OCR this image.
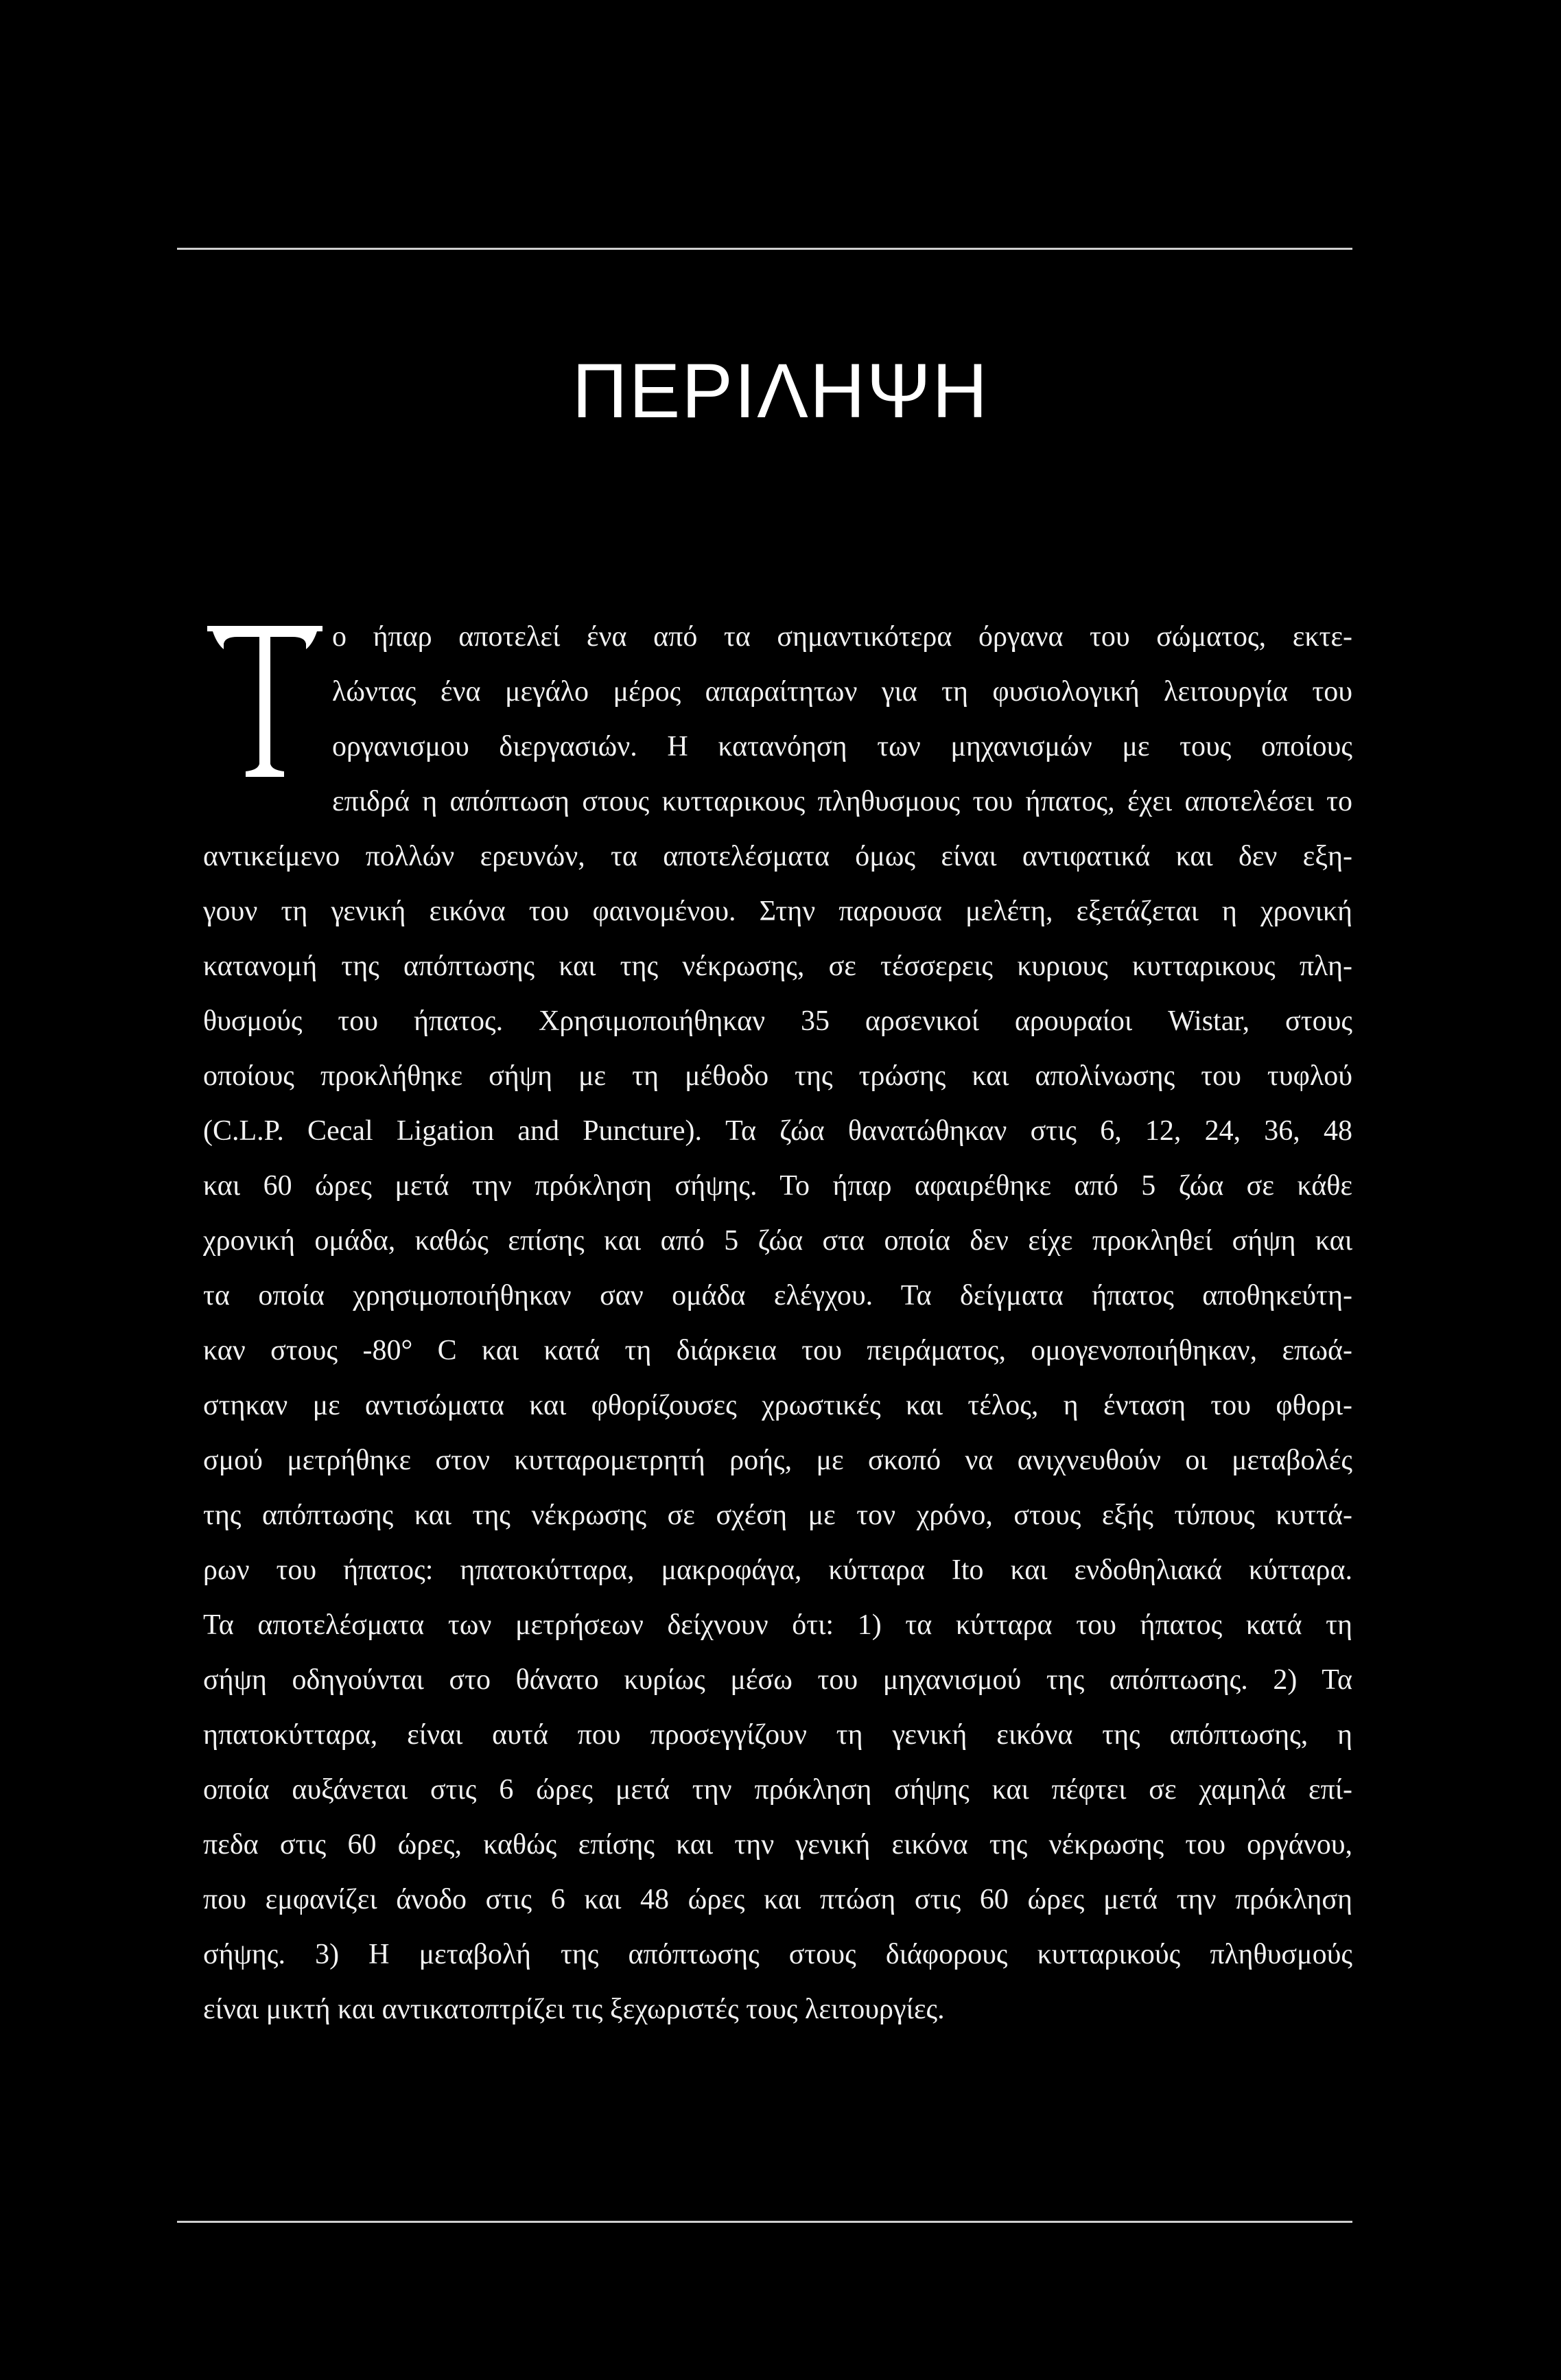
ΠΕΡΙΛΗΨΗ
ο ήπαρ αποτελεί ένα από τα σημαντικότερα όργανα του σώματος, εκτε-
λώντας ένα μεγάλο μέρος απαραίτητων για τη φυσιολογική λειτουργία του
οργανισμου διεργασιών. Η κατανόηση των μηχανισμών με τους οποίους
επιδρά η απόπτωση στους κυτταρικους πληθυσμους του ήπατος, έχει αποτελέσει το
αντικείμενο πολλών ερευνών, τα αποτελέσματα όμως είναι αντιφατικά και δεν εξη-
γουν τη γενική εικόνα του φαινομένου. Στην παρουσα μελέτη, εξετάζεται η χρονική
κατανομή της απόπτωσης και της νέκρωσης, σε τέσσερεις κυριους κυτταρικους πλη-
θυσμούς του ήπατος. Χρησιμοποιήθηκαν 35 αρσενικοί αρουραίοι Wistar, στους
οποίους προκλήθηκε σήψη με τη μέθοδο της τρώσης και απολίνωσης του τυφλού
(C.L.P. Cecal Ligation and Puncture). Τα ζώα θανατώθηκαν στις 6, 12, 24, 36, 48
και 60 ώρες μετά την πρόκληση σήψης. Το ήπαρ αφαιρέθηκε από 5 ζώα σε κάθε
χρονική ομάδα, καθώς επίσης και από 5 ζώα στα οποία δεν είχε προκληθεί σήψη και
τα οποία χρησιμοποιήθηκαν σαν ομάδα ελέγχου. Τα δείγματα ήπατος αποθηκεύτη-
καν στους -80° C και κατά τη διάρκεια του πειράματος, ομογενοποιήθηκαν, επωά-
στηκαν με αντισώματα και φθορίζουσες χρωστικές και τέλος, η ένταση του φθορι-
σμού μετρήθηκε στον κυτταρομετρητή ροής, με σκοπό να ανιχνευθούν οι μεταβολές
της απόπτωσης και της νέκρωσης σε σχέση με τον χρόνο, στους εξής τύπους κυττά-
ρων του ήπατος: ηπατοκύτταρα, μακροφάγα, κύτταρα Ito και ενδοθηλιακά κύτταρα.
Τα αποτελέσματα των μετρήσεων δείχνουν ότι: 1) τα κύτταρα του ήπατος κατά τη
σήψη οδηγούνται στο θάνατο κυρίως μέσω του μηχανισμού της απόπτωσης. 2) Τα
ηπατοκύτταρα, είναι αυτά που προσεγγίζουν τη γενική εικόνα της απόπτωσης, η
οποία αυξάνεται στις 6 ώρες μετά την πρόκληση σήψης και πέφτει σε χαμηλά επί-
πεδα στις 60 ώρες, καθώς επίσης και την γενική εικόνα της νέκρωσης του οργάνου,
που εμφανίζει άνοδο στις 6 και 48 ώρες και πτώση στις 60 ώρες μετά την πρόκληση
σήψης. 3) Η μεταβολή της απόπτωσης στους διάφορους κυτταρικούς πληθυσμούς
είναι μικτή και αντικατοπτρίζει τις ξεχωριστές τους λειτουργίες.
